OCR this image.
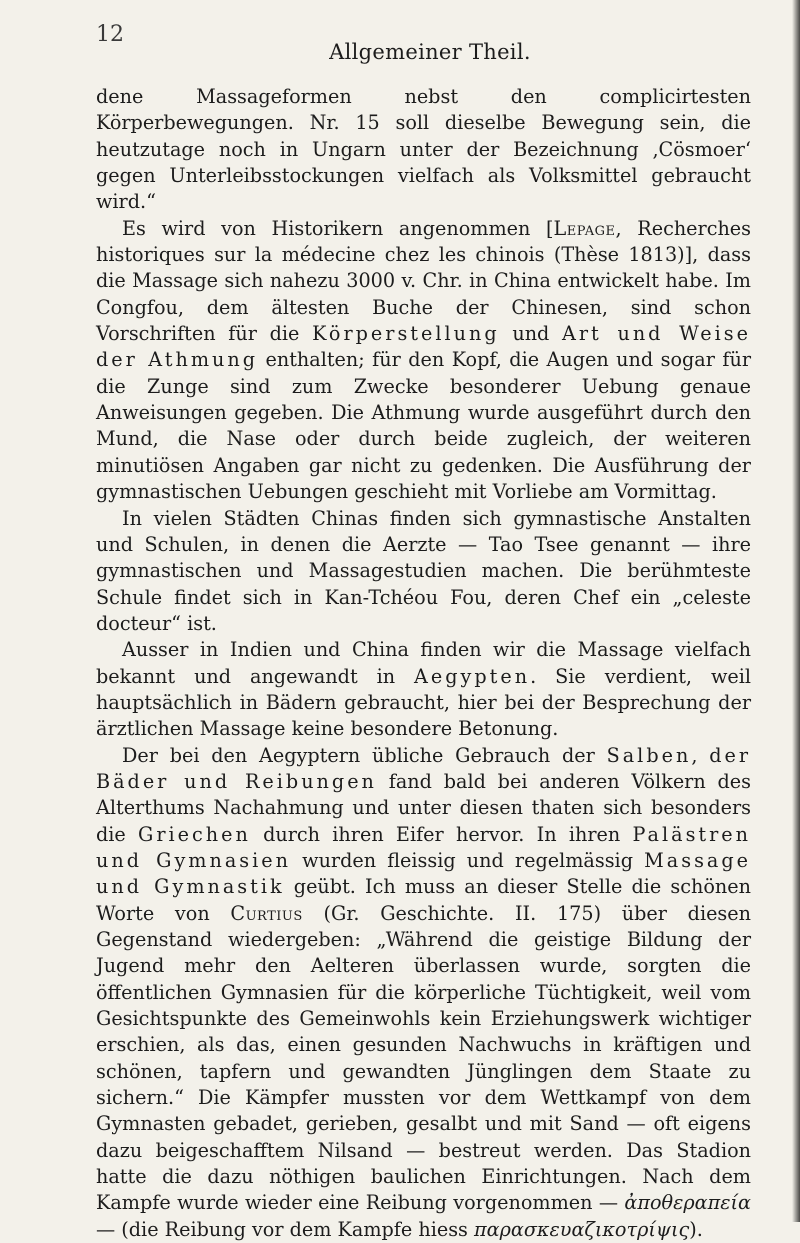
12
Allgemeiner Theil.

dene Massageformen nebst den complicirtesten Körperbewegungen. Nr. 15 soll dieselbe Bewegung sein, die heutzutage noch in Ungarn unter der Bezeichnung ‚Cösmoer‘ gegen Unterleibsstockungen vielfach als Volksmittel gebraucht wird.“

Es wird von Historikern angenommen [Lepage, Recherches historiques sur la médecine chez les chinois (Thèse 1813)], dass die Massage sich nahezu 3000 v. Chr. in China entwickelt habe. Im Congfou, dem ältesten Buche der Chinesen, sind schon Vorschriften für die Körperstellung und Art und Weise der Athmung enthalten; für den Kopf, die Augen und sogar für die Zunge sind zum Zwecke besonderer Uebung genaue Anweisungen gegeben. Die Athmung wurde ausgeführt durch den Mund, die Nase oder durch beide zugleich, der weiteren minutiösen Angaben gar nicht zu gedenken. Die Ausführung der gymnastischen Uebungen geschieht mit Vorliebe am Vormittag.

In vielen Städten Chinas finden sich gymnastische Anstalten und Schulen, in denen die Aerzte — Tao Tsee genannt — ihre gymnastischen und Massagestudien machen. Die berühmteste Schule findet sich in Kan-Tchéou Fou, deren Chef ein „celeste docteur“ ist.

Ausser in Indien und China finden wir die Massage vielfach bekannt und angewandt in Aegypten. Sie verdient, weil hauptsächlich in Bädern gebraucht, hier bei der Besprechung der ärztlichen Massage keine besondere Betonung.

Der bei den Aegyptern übliche Gebrauch der Salben, der Bäder und Reibungen fand bald bei anderen Völkern des Alterthums Nachahmung und unter diesen thaten sich besonders die Griechen durch ihren Eifer hervor. In ihren Palästren und Gymnasien wurden fleissig und regelmässig Massage und Gymnastik geübt. Ich muss an dieser Stelle die schönen Worte von Curtius (Gr. Geschichte. II. 175) über diesen Gegenstand wiedergeben: „Während die geistige Bildung der Jugend mehr den Aelteren überlassen wurde, sorgten die öffentlichen Gymnasien für die körperliche Tüchtigkeit, weil vom Gesichtspunkte des Gemeinwohls kein Erziehungswerk wichtiger erschien, als das, einen gesunden Nachwuchs in kräftigen und schönen, tapfern und gewandten Jünglingen dem Staate zu sichern.“ Die Kämpfer mussten vor dem Wettkampf von dem Gymnasten gebadet, gerieben, gesalbt und mit Sand — oft eigens dazu beigeschafftem Nilsand — bestreut werden. Das Stadion hatte die dazu nöthigen baulichen Einrichtungen. Nach dem Kampfe wurde wieder eine Reibung vorgenommen — ἀποθεραπεία — (die Reibung vor dem Kampfe hiess παρασκευαζικοτρίψις).
